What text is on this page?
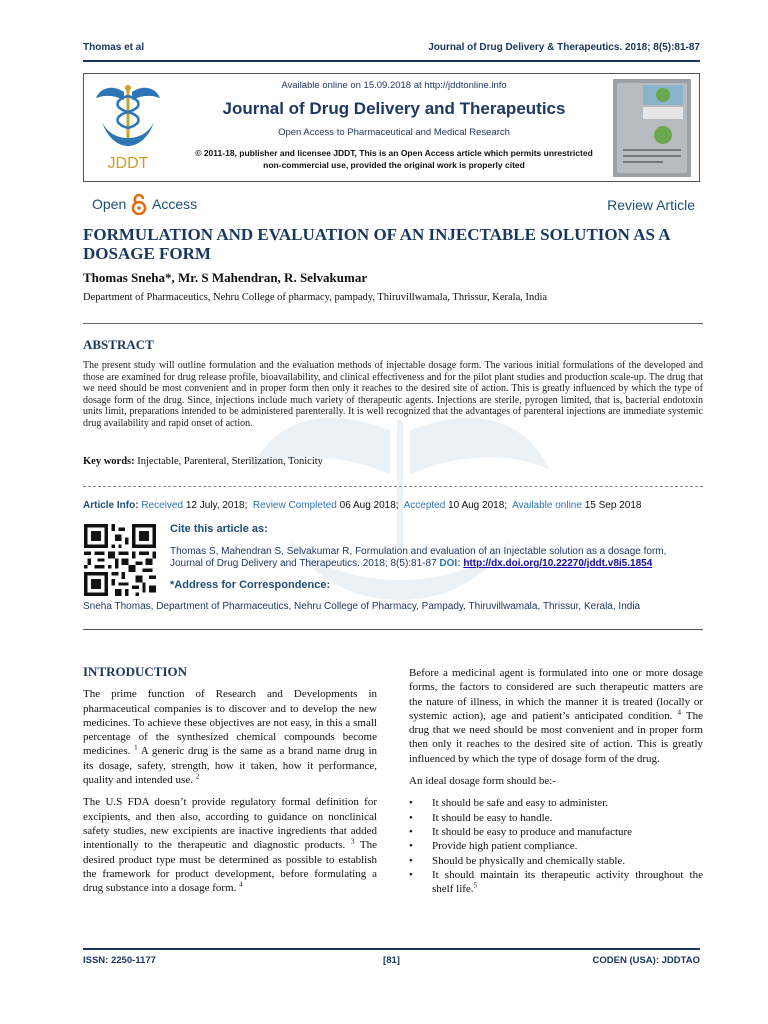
Thomas et al	Journal of Drug Delivery & Therapeutics. 2018; 8(5):81-87
JDDT
Available online on 15.09.2018 at http://jddtonline.info
Journal of Drug Delivery and Therapeutics
Open Access to Pharmaceutical and Medical Research
© 2011-18, publisher and licensee JDDT, This is an Open Access article which permits unrestricted
non-commercial use, provided the original work is properly cited
Open Access	Review Article
FORMULATION AND EVALUATION OF AN INJECTABLE SOLUTION AS A DOSAGE FORM
Thomas Sneha*, Mr. S Mahendran, R. Selvakumar
Department of Pharmaceutics, Nehru College of pharmacy, pampady, Thiruvillwamala, Thrissur, Kerala, India
ABSTRACT
The present study will outline formulation and the evaluation methods of injectable dosage form. The various initial formulations of the developed and those are examined for drug release profile, bioavailability, and clinical effectiveness and for the pilot plant studies and production scale-up. The drug that we need should be most convenient and in proper form then only it reaches to the desired site of action. This is greatly influenced by which the type of dosage form of the drug. Since, injections include much variety of therapeutic agents. Injections are sterile, pyrogen limited, that is, bacterial endotoxin units limit, preparations intended to be administered parenterally. It is well recognized that the advantages of parenteral injections are immediate systemic drug availability and rapid onset of action.
Key words: Injectable, Parenteral, Sterilization, Tonicity
Article Info: Received 12 July, 2018; Review Completed 06 Aug 2018; Accepted 10 Aug 2018; Available online 15 Sep 2018
Cite this article as:
Thomas S, Mahendran S, Selvakumar R, Formulation and evaluation of an Injectable solution as a dosage form,
Journal of Drug Delivery and Therapeutics. 2018; 8(5):81-87 DOI: http://dx.doi.org/10.22270/jddt.v8i5.1854
*Address for Correspondence:
Sneha Thomas, Department of Pharmaceutics, Nehru College of Pharmacy, Pampady, Thiruvillwamala, Thrissur, Kerala, India
INTRODUCTION

The prime function of Research and Developments in pharmaceutical companies is to discover and to develop the new medicines. To achieve these objectives are not easy, in this a small percentage of the synthesized chemical compounds become medicines. $^1$ A generic drug is the same as a brand name drug in its dosage, safety, strength, how it taken, how it performance, quality and intended use. $^2$

The U.S FDA doesn’t provide regulatory formal definition for excipients, and then also, according to guidance on nonclinical safety studies, new excipients are inactive ingredients that added intentionally to the therapeutic and diagnostic products. $^3$ The desired product type must be determined as possible to establish the framework for product development, before formulating a drug substance into a dosage form. $^4$

Before a medicinal agent is formulated into one or more dosage forms, the factors to considered are such therapeutic matters are the nature of illness, in which the manner it is treated (locally or systemic action), age and patient’s anticipated condition. $^4$ The drug that we need should be most convenient and in proper form then only it reaches to the desired site of action. This is greatly influenced by which the type of dosage form of the drug.

An ideal dosage form should be:-

• It should be safe and easy to administer.
• It should be easy to handle.
• It should be easy to produce and manufacture
• Provide high patient compliance.
• Should be physically and chemically stable.
• It should maintain its therapeutic activity throughout the shelf life.$^5$
ISSN: 2250-1177	[81]	CODEN (USA): JDDTAO
